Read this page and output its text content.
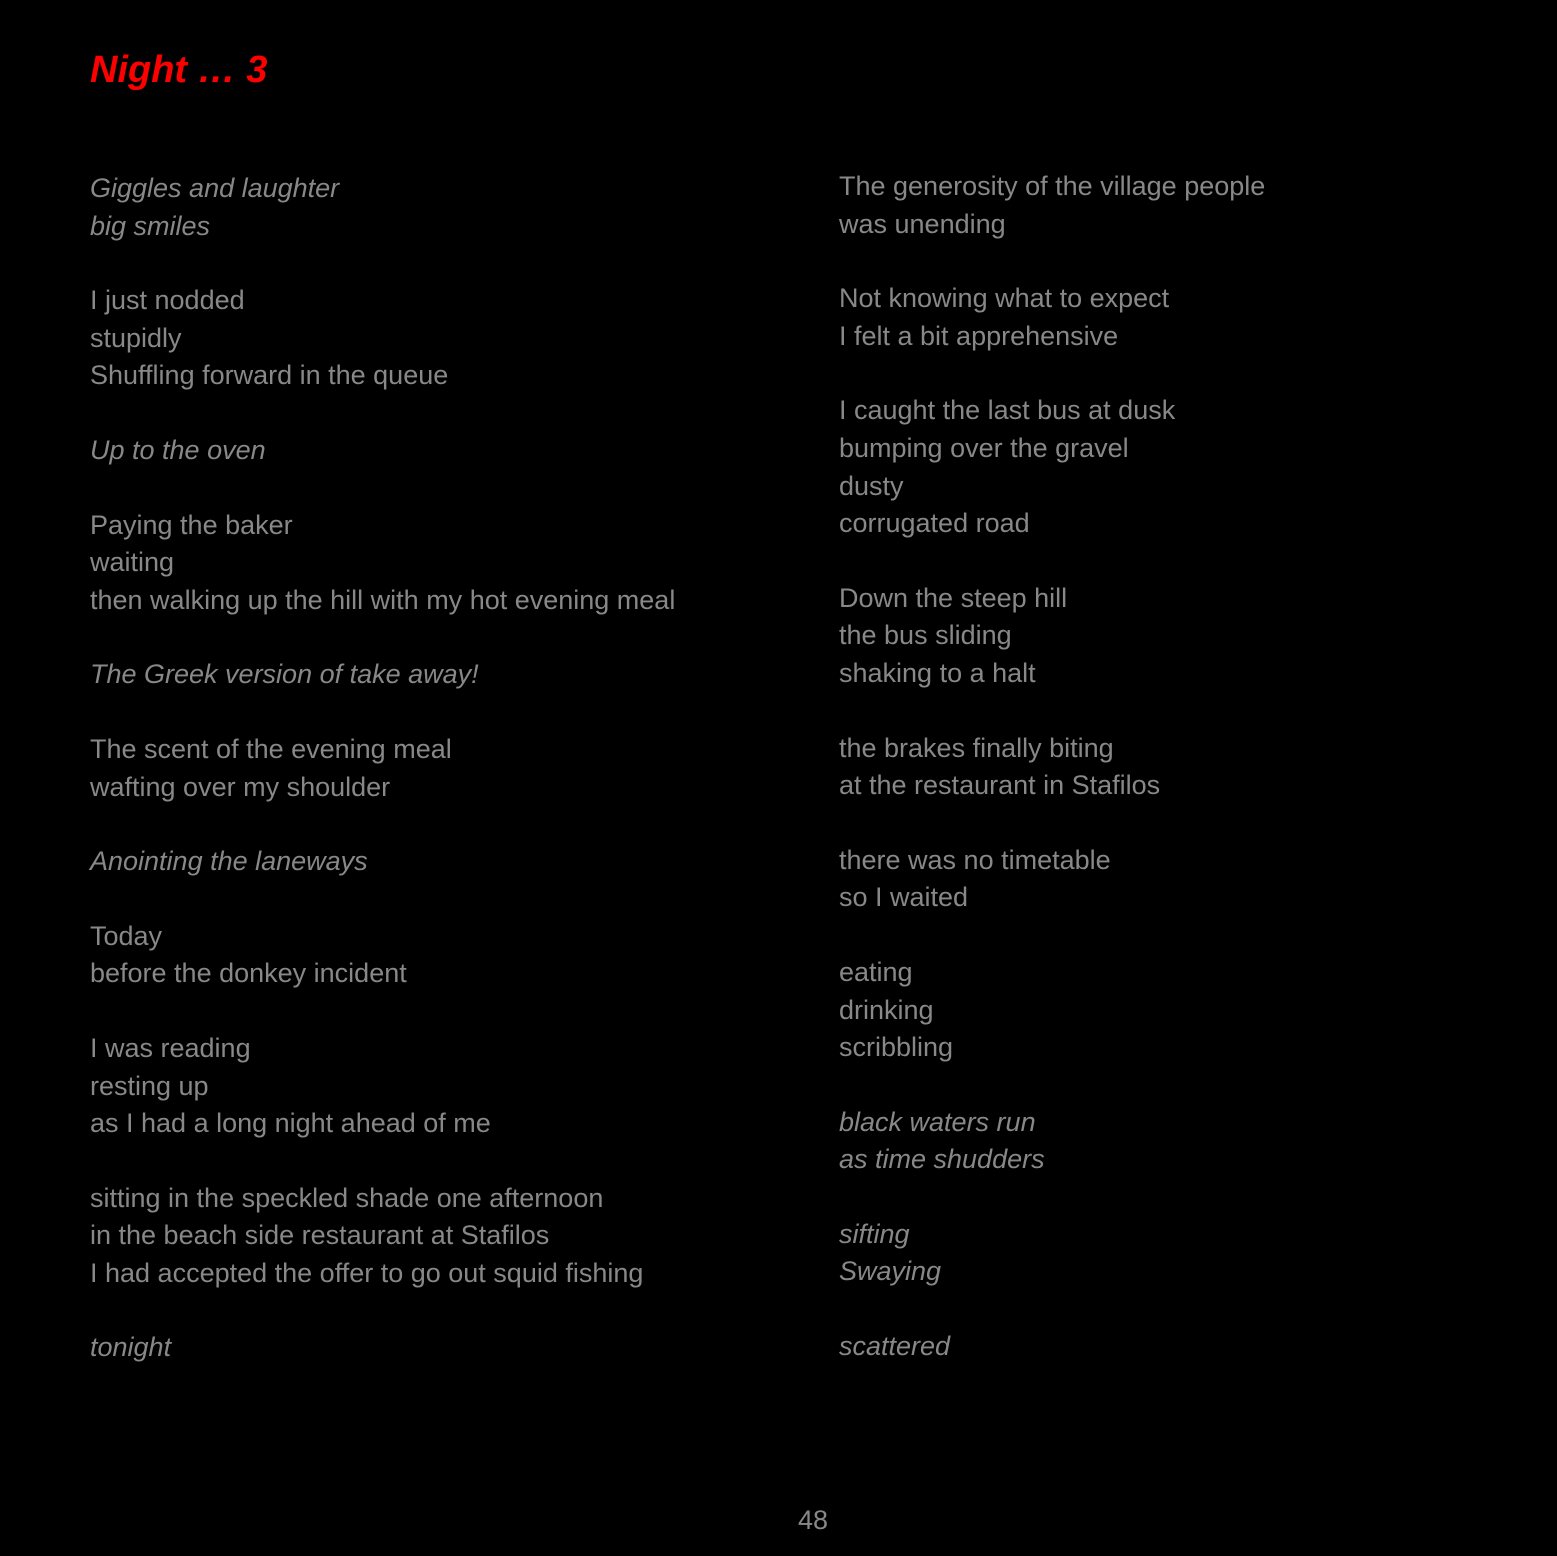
Night … 3
Giggles and laughter
big smiles
I just nodded
stupidly
Shuffling forward in the queue
Up to the oven
Paying the baker
waiting
then walking up the hill with my hot evening meal
The Greek version of take away!
The scent of the evening meal
wafting over my shoulder
Anointing the laneways
Today
before the donkey incident
I was reading
resting up
as I had a long night ahead of me
sitting in the speckled shade one afternoon
in the beach side restaurant at Stafilos
I had accepted the offer to go out squid fishing
tonight
The generosity of the village people
was unending
Not knowing what to expect
I felt a bit apprehensive
I caught the last bus at dusk
bumping over the gravel
dusty
corrugated road
Down the steep hill
the bus sliding
shaking to a halt
the brakes finally biting
at the restaurant in Stafilos
there was no timetable
so I waited
eating
drinking
scribbling
black waters run
as time shudders
sifting
Swaying
scattered
48
